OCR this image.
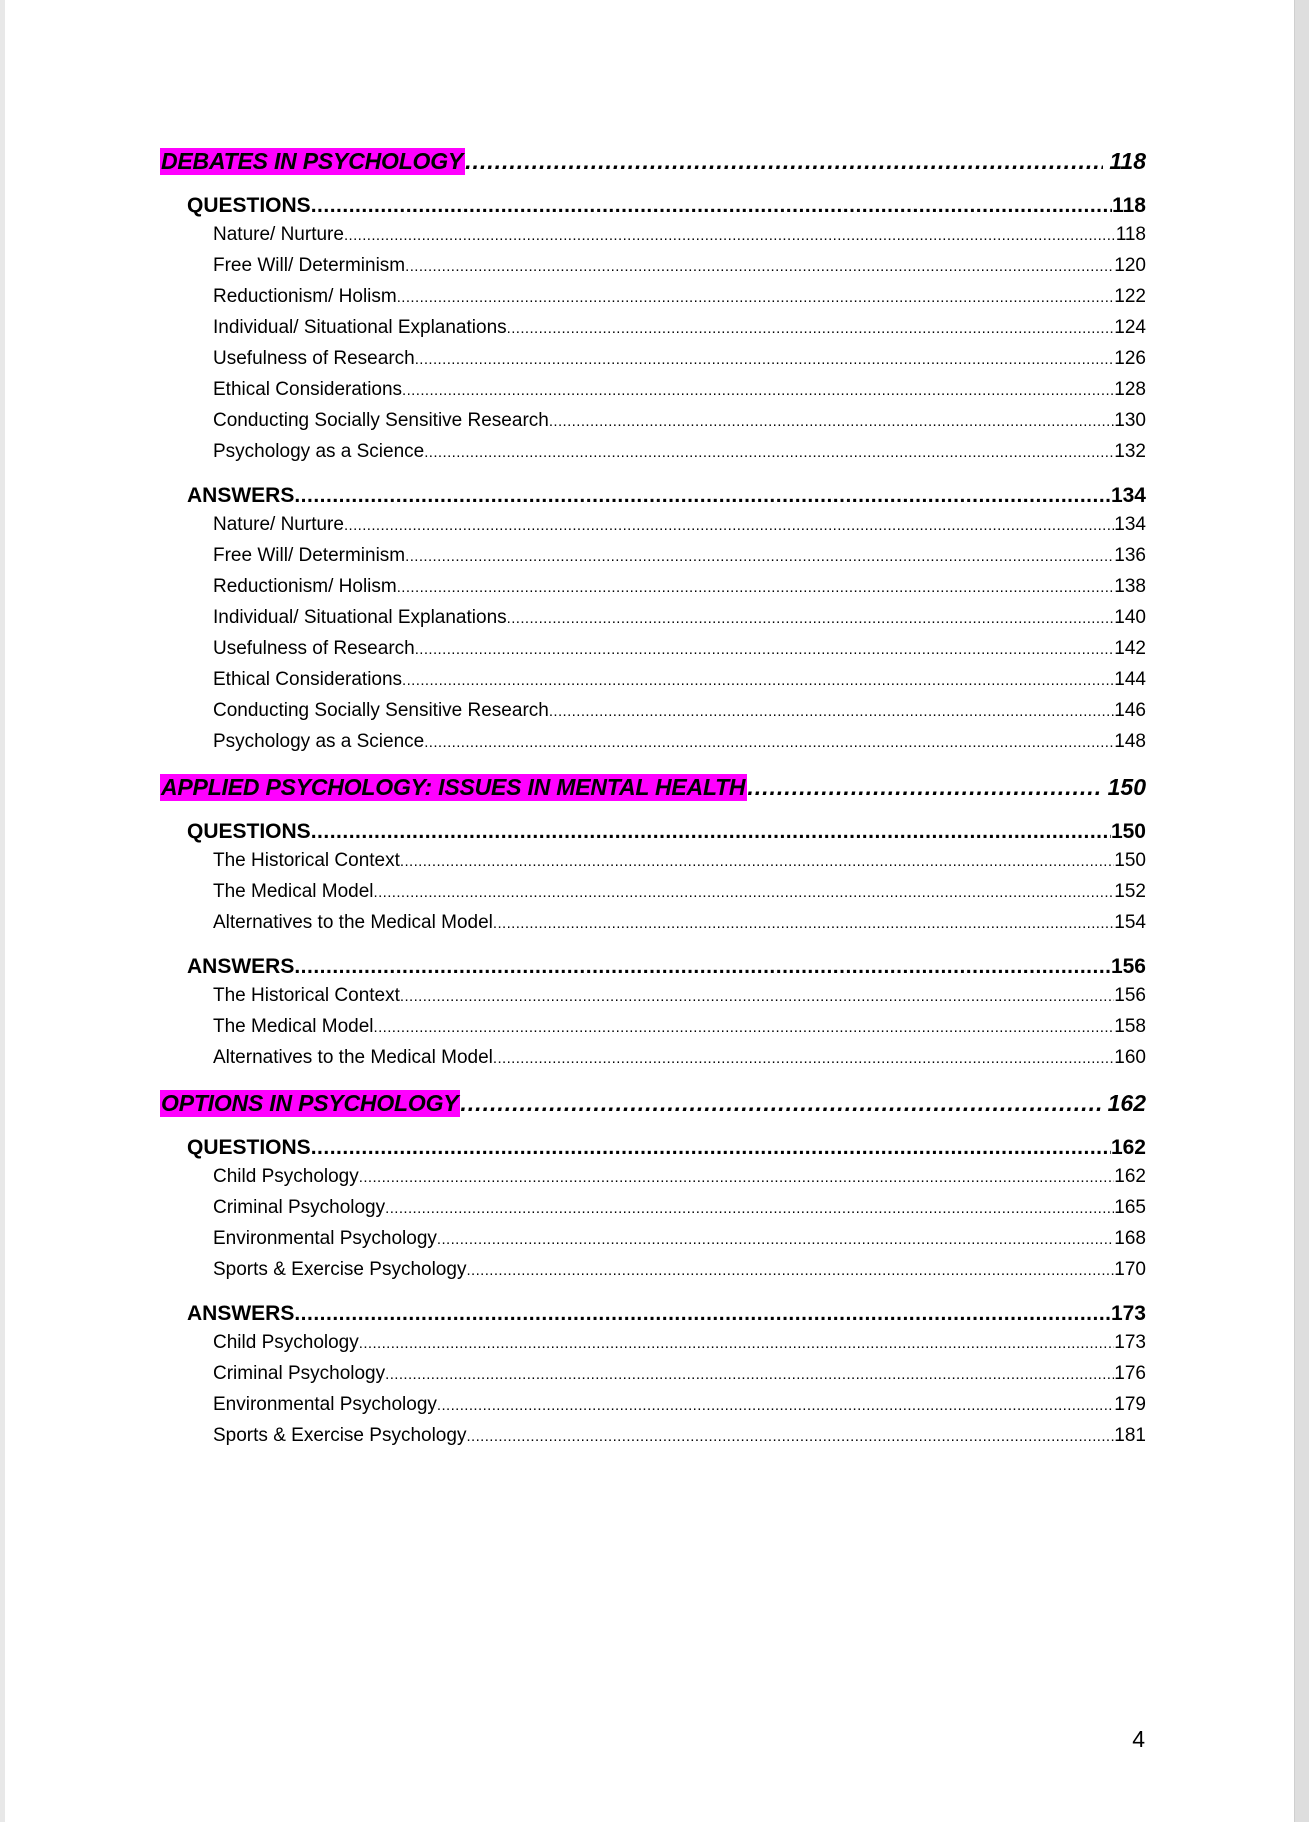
DEBATES IN PSYCHOLOGY .....	118
QUESTIONS .....	118
Nature/ Nurture .....	118
Free Will/ Determinism .....	120
Reductionism/ Holism .....	122
Individual/ Situational Explanations .....	124
Usefulness of Research .....	126
Ethical Considerations .....	128
Conducting Socially Sensitive Research .....	130
Psychology as a Science .....	132
ANSWERS .....	134
Nature/ Nurture .....	134
Free Will/ Determinism .....	136
Reductionism/ Holism .....	138
Individual/ Situational Explanations .....	140
Usefulness of Research .....	142
Ethical Considerations .....	144
Conducting Socially Sensitive Research .....	146
Psychology as a Science .....	148
APPLIED PSYCHOLOGY: ISSUES IN MENTAL HEALTH .....	150
QUESTIONS .....	150
The Historical Context .....	150
The Medical Model .....	152
Alternatives to the Medical Model .....	154
ANSWERS .....	156
The Historical Context .....	156
The Medical Model .....	158
Alternatives to the Medical Model .....	160
OPTIONS IN PSYCHOLOGY .....	162
QUESTIONS .....	162
Child Psychology .....	162
Criminal Psychology .....	165
Environmental Psychology .....	168
Sports & Exercise Psychology .....	170
ANSWERS .....	173
Child Psychology .....	173
Criminal Psychology .....	176
Environmental Psychology .....	179
Sports & Exercise Psychology .....	181
4
